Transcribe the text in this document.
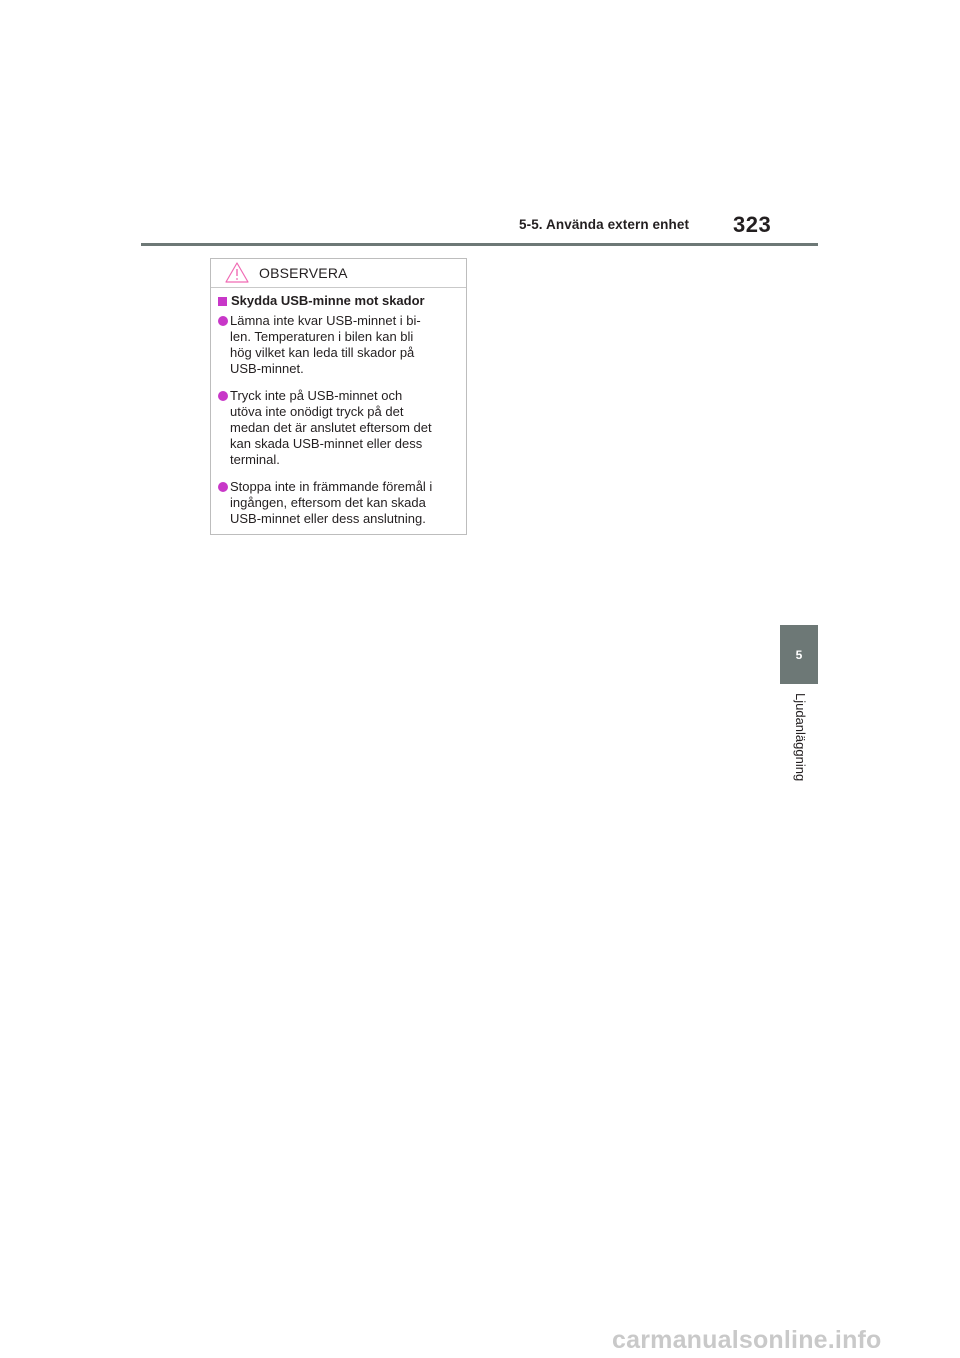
5-5. Använda extern enhet 323
5
Ljudanläggning
OBSERVERA
Skydda USB-minne mot skador
Lämna inte kvar USB-minnet i bi-
len. Temperaturen i bilen kan bli
hög vilket kan leda till skador på
USB-minnet.
Tryck inte på USB-minnet och
utöva inte onödigt tryck på det
medan det är anslutet eftersom det
kan skada USB-minnet eller dess
terminal.
Stoppa inte in främmande föremål i
ingången, eftersom det kan skada
USB-minnet eller dess anslutning.
carmanualsonline.info
